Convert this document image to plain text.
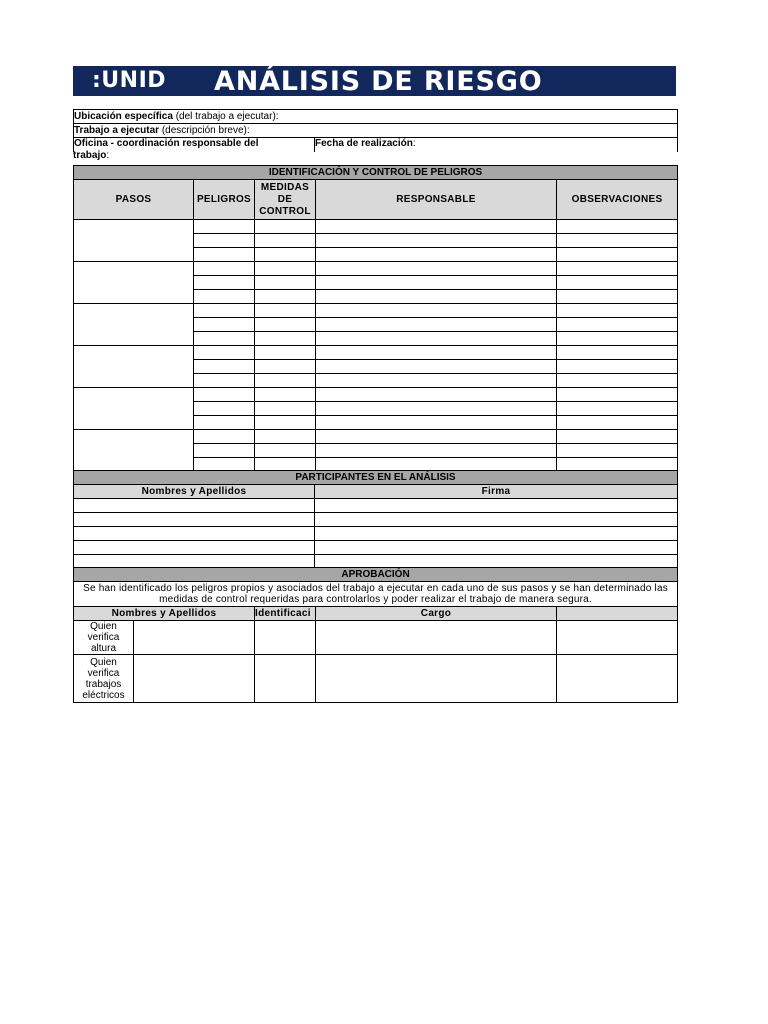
:UNID ANÁLISIS DE RIESGO
Ubicación específica (del trabajo a ejecutar):
Trabajo a ejecutar (descripción breve):
Oficina - coordinación responsable del	Fecha de realización:
trabajo:
IDENTIFICACIÓN Y CONTROL DE PELIGROS				
PASOS	PELIGROS	MEDIDAS DE CONTROL	RESPONSABLE	OBSERVACIONES

PARTICIPANTES EN EL ANÁLISIS	
Nombres y Apellidos	Firma

APROBACIÓN				
Se han identificado los peligros propios y asociados del trabajo a ejecutar en cada uno de sus pasos y se han determinado las medidas de control requeridas para controlarlos y poder realizar el trabajo de manera segura.				
Nombres y Apellidos		Identificaci	Cargo	
Quien verifica altura				
Quien verifica trabajos eléctricos				
